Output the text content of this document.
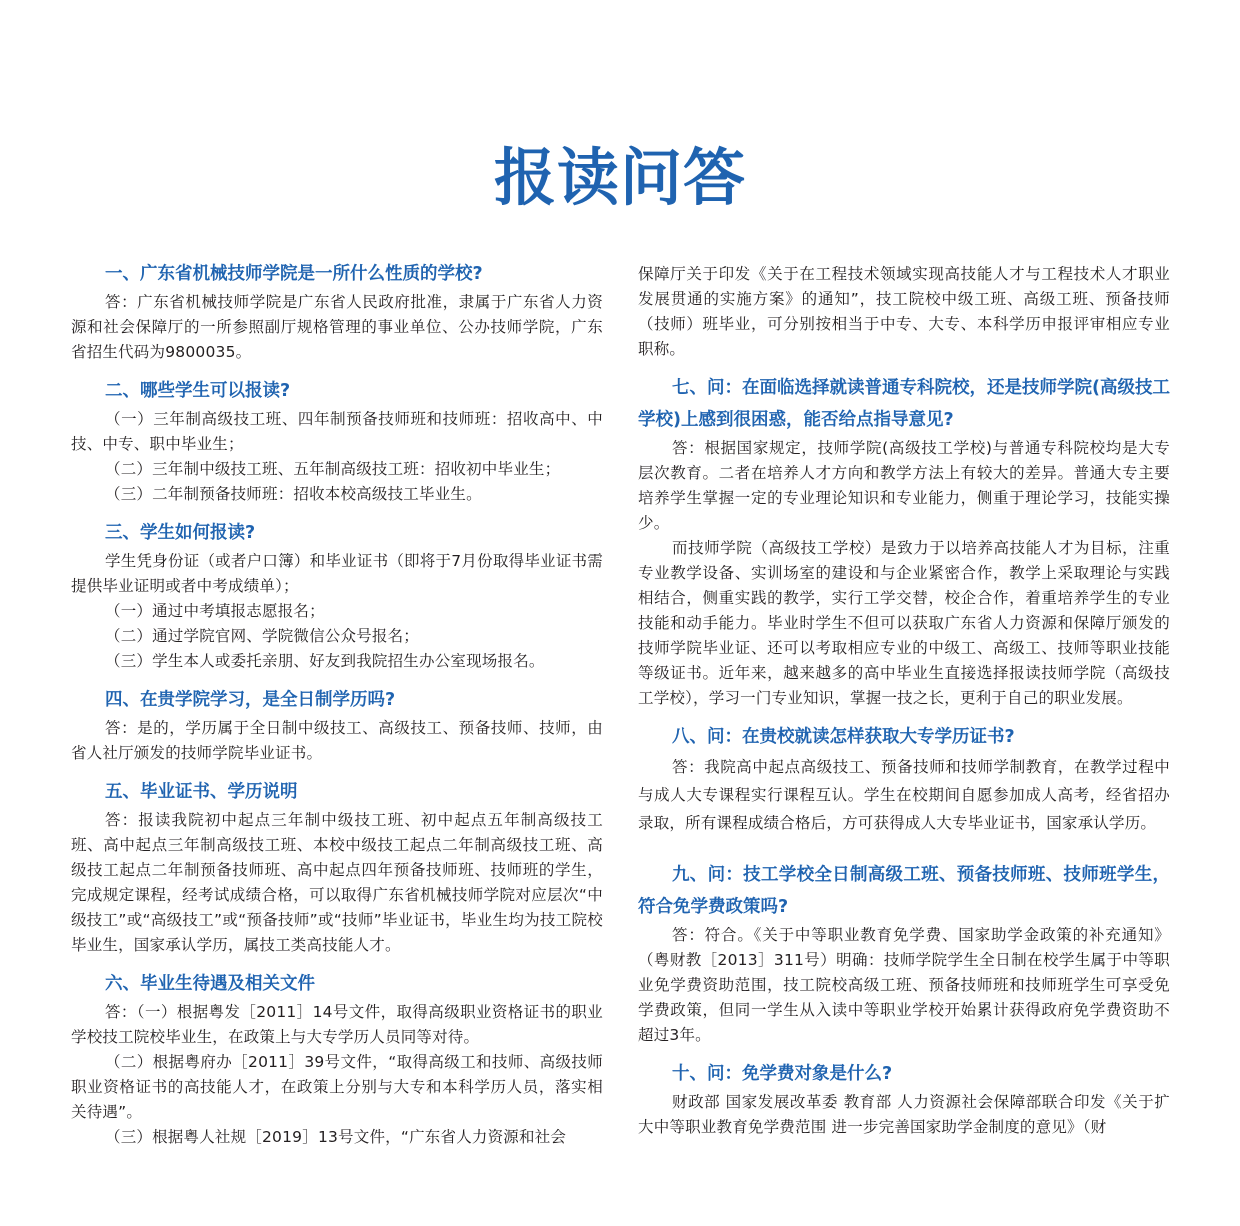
报读问答
一、广东省机械技师学院是一所什么性质的学校?

答：广东省机械技师学院是广东省人民政府批准，隶属于广东省人力资源和社会保障厅的一所参照副厅规格管理的事业单位、公办技师学院，广东省招生代码为9800035。

二、哪些学生可以报读?

（一）三年制高级技工班、四年制预备技师班和技师班：招收高中、中技、中专、职中毕业生；

（二）三年制中级技工班、五年制高级技工班：招收初中毕业生；

（三）二年制预备技师班：招收本校高级技工毕业生。

三、学生如何报读?

学生凭身份证（或者户口簿）和毕业证书（即将于7月份取得毕业证书需提供毕业证明或者中考成绩单）；

（一）通过中考填报志愿报名；

（二）通过学院官网、学院微信公众号报名；

（三）学生本人或委托亲朋、好友到我院招生办公室现场报名。

四、在贵学院学习，是全日制学历吗?

答：是的，学历属于全日制中级技工、高级技工、预备技师、技师，由省人社厅颁发的技师学院毕业证书。

五、毕业证书、学历说明

答：报读我院初中起点三年制中级技工班、初中起点五年制高级技工班、高中起点三年制高级技工班、本校中级技工起点二年制高级技工班、高级技工起点二年制预备技师班、高中起点四年预备技师班、技师班的学生，完成规定课程，经考试成绩合格，可以取得广东省机械技师学院对应层次“中级技工”或“高级技工”或“预备技师”或“技师”毕业证书，毕业生均为技工院校毕业生，国家承认学历，属技工类高技能人才。

六、毕业生待遇及相关文件

答：（一）根据粤发［2011］14号文件，取得高级职业资格证书的职业学校技工院校毕业生，在政策上与大专学历人员同等对待。

（二）根据粤府办［2011］39号文件，“取得高级工和技师、高级技师职业资格证书的高技能人才，在政策上分别与大专和本科学历人员，落实相关待遇”。

（三）根据粤人社规［2019］13号文件，“广东省人力资源和社会

保障厅关于印发《关于在工程技术领域实现高技能人才与工程技术人才职业发展贯通的实施方案》的通知”，技工院校中级工班、高级工班、预备技师（技师）班毕业，可分别按相当于中专、大专、本科学历申报评审相应专业职称。

七、问：在面临选择就读普通专科院校，还是技师学院(高级技工学校)上感到很困惑，能否给点指导意见?

答：根据国家规定，技师学院(高级技工学校)与普通专科院校均是大专层次教育。二者在培养人才方向和教学方法上有较大的差异。普通大专主要培养学生掌握一定的专业理论知识和专业能力，侧重于理论学习，技能实操少。

而技师学院（高级技工学校）是致力于以培养高技能人才为目标，注重专业教学设备、实训场室的建设和与企业紧密合作，教学上采取理论与实践相结合，侧重实践的教学，实行工学交替，校企合作，着重培养学生的专业技能和动手能力。毕业时学生不但可以获取广东省人力资源和保障厅颁发的技师学院毕业证、还可以考取相应专业的中级工、高级工、技师等职业技能等级证书。近年来，越来越多的高中毕业生直接选择报读技师学院（高级技工学校），学习一门专业知识，掌握一技之长，更利于自己的职业发展。

八、问：在贵校就读怎样获取大专学历证书?

答：我院高中起点高级技工、预备技师和技师学制教育，在教学过程中与成人大专课程实行课程互认。学生在校期间自愿参加成人高考，经省招办录取，所有课程成绩合格后，方可获得成人大专毕业证书，国家承认学历。

九、问：技工学校全日制高级工班、预备技师班、技师班学生，符合免学费政策吗?

答：符合。《关于中等职业教育免学费、国家助学金政策的补充通知》（粤财教［2013］311号）明确：技师学院学生全日制在校学生属于中等职业免学费资助范围，技工院校高级工班、预备技师班和技师班学生可享受免学费政策，但同一学生从入读中等职业学校开始累计获得政府免学费资助不超过3年。

十、问：免学费对象是什么?

财政部 国家发展改革委 教育部 人力资源社会保障部联合印发《关于扩大中等职业教育免学费范围 进一步完善国家助学金制度的意见》（财
